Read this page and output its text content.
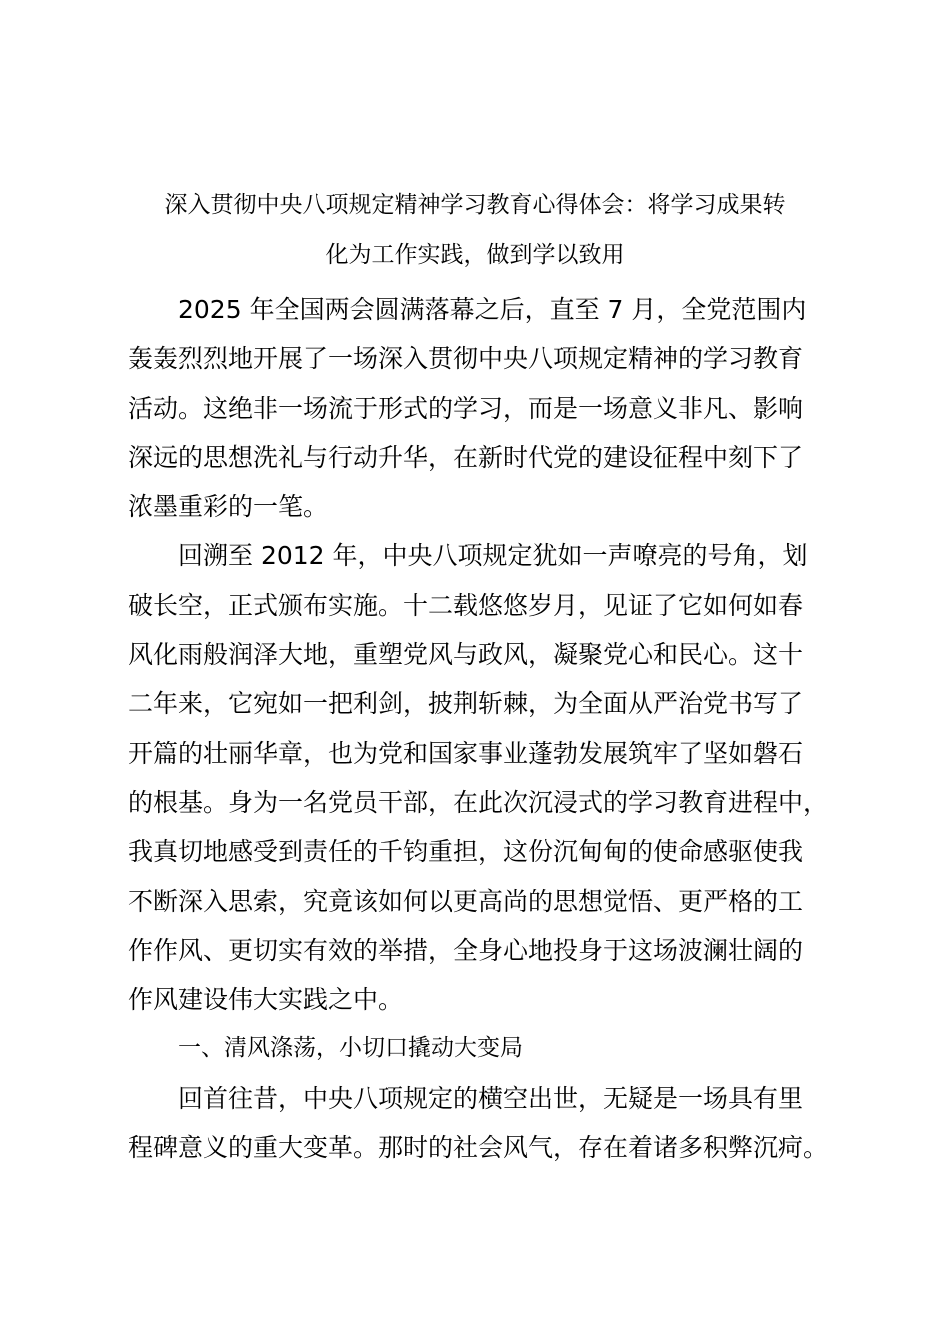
深入贯彻中央八项规定精神学习教育心得体会：将学习成果转
化为工作实践，做到学以致用
2025 年全国两会圆满落幕之后，直至 7 月，全党范围内
轰轰烈烈地开展了一场深入贯彻中央八项规定精神的学习教育
活动。这绝非一场流于形式的学习，而是一场意义非凡、影响
深远的思想洗礼与行动升华，在新时代党的建设征程中刻下了
浓墨重彩的一笔。
回溯至 2012 年，中央八项规定犹如一声嘹亮的号角，划
破长空，正式颁布实施。十二载悠悠岁月，见证了它如何如春
风化雨般润泽大地，重塑党风与政风，凝聚党心和民心。这十
二年来，它宛如一把利剑，披荆斩棘，为全面从严治党书写了
开篇的壮丽华章，也为党和国家事业蓬勃发展筑牢了坚如磐石
的根基。身为一名党员干部，在此次沉浸式的学习教育进程中，
我真切地感受到责任的千钧重担，这份沉甸甸的使命感驱使我
不断深入思索，究竟该如何以更高尚的思想觉悟、更严格的工
作作风、更切实有效的举措，全身心地投身于这场波澜壮阔的
作风建设伟大实践之中。
一、清风涤荡，小切口撬动大变局
回首往昔，中央八项规定的横空出世，无疑是一场具有里
程碑意义的重大变革。那时的社会风气，存在着诸多积弊沉疴。
